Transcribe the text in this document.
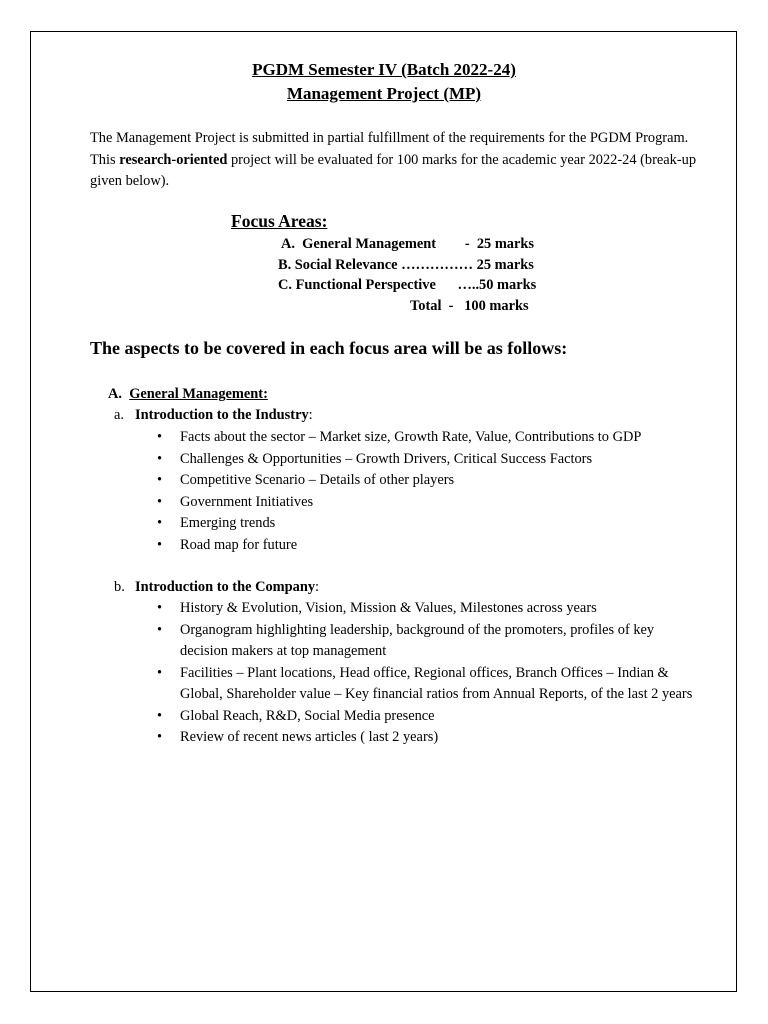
PGDM Semester IV (Batch 2022-24)
Management Project (MP)
The Management Project is submitted in partial fulfillment of the requirements for the PGDM Program. This research-oriented project will be evaluated for 100 marks for the academic year 2022-24 (break-up given below).
Focus Areas:
A.  General Management        -  25 marks
B. Social Relevance …………… 25 marks
C. Functional Perspective      …..50 marks
Total  -   100 marks
The aspects to be covered in each focus area will be as follows:
A. General Management:
a. Introduction to the Industry:
• Facts about the sector – Market size, Growth Rate, Value, Contributions to GDP
• Challenges & Opportunities – Growth Drivers, Critical Success Factors
• Competitive Scenario – Details of other players
• Government Initiatives
• Emerging trends
• Road map for future
b. Introduction to the Company:
• History & Evolution, Vision, Mission & Values, Milestones across years
• Organogram highlighting leadership, background of the promoters, profiles of key decision makers at top management
• Facilities – Plant locations, Head office, Regional offices, Branch Offices – Indian & Global, Shareholder value – Key financial ratios from Annual Reports, of the last 2 years
• Global Reach, R&D, Social Media presence
• Review of recent news articles ( last 2 years)
